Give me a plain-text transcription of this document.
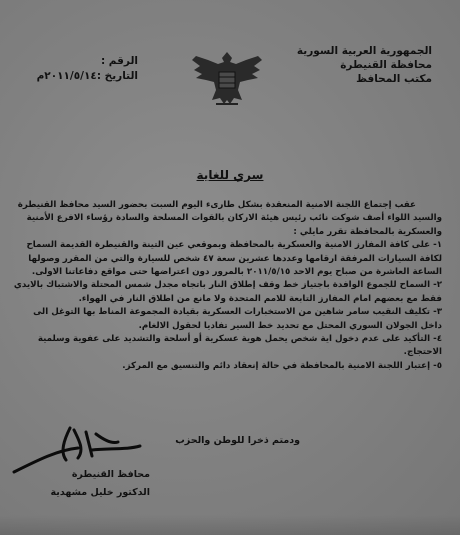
الجمهورية العربية السورية
محافظة القنيطرة
مكتب المحافظ
الرقم :
التاريخ :٢٠١١/٥/١٤م
سري للغاية

عقب إجتماع اللجنة الامنية المنعقدة بشكل طارىء اليوم السبت بحضور السيد محافظ القنيطرة والسيد اللواء أصف شوكت نائب رئيس هيئة الاركان بالقوات المسلحة والسادة رؤساء الافرع الأمنية والعسكرية بالمحافظة تقرر مايلي :

١- على كافة المفارز الامنية والعسكرية بالمحافظة وبموقعي عين التينة والقنيطرة القديمة السماح لكافة السيارات المرفقة ارقامها وعددها عشرين سعة ٤٧ شخص للسيارة والتي من المقرر وصولها الساعة العاشرة من صباح يوم الاحد ٢٠١١/٥/١٥ بالمرور دون اعتراضها حتى مواقع دفاعاتنا الاولى.

٢- السماح للجموع الوافدة باجتياز خط وقف إطلاق النار باتجاه مجدل شمس المحتلة والاشتباك بالايدي فقط مع بعضهم امام المفارز التابعة للامم المتحدة ولا مانع من اطلاق النار في الهواء.

٣- تكليف النقيب سامر شاهين من الاستخبارات العسكرية بقيادة المجموعة المناط بها التوغل الى داخل الجولان السوري المحتل مع تحديد خط السير تفاديا لحقول الالغام.

٤- التأكيد على عدم دخول اية شخص يحمل هوية عسكرية أو أسلحة والتشديد على عفوية وسلمية الاحتجاج.

٥- إعتبار اللجنة الامنية بالمحافظة في حالة إنعقاد دائم والتنسيق مع المركز.

ودمتم ذخرا للوطن والحزب
محافظ القنيطرة
الدكتور خليل مشهدية
